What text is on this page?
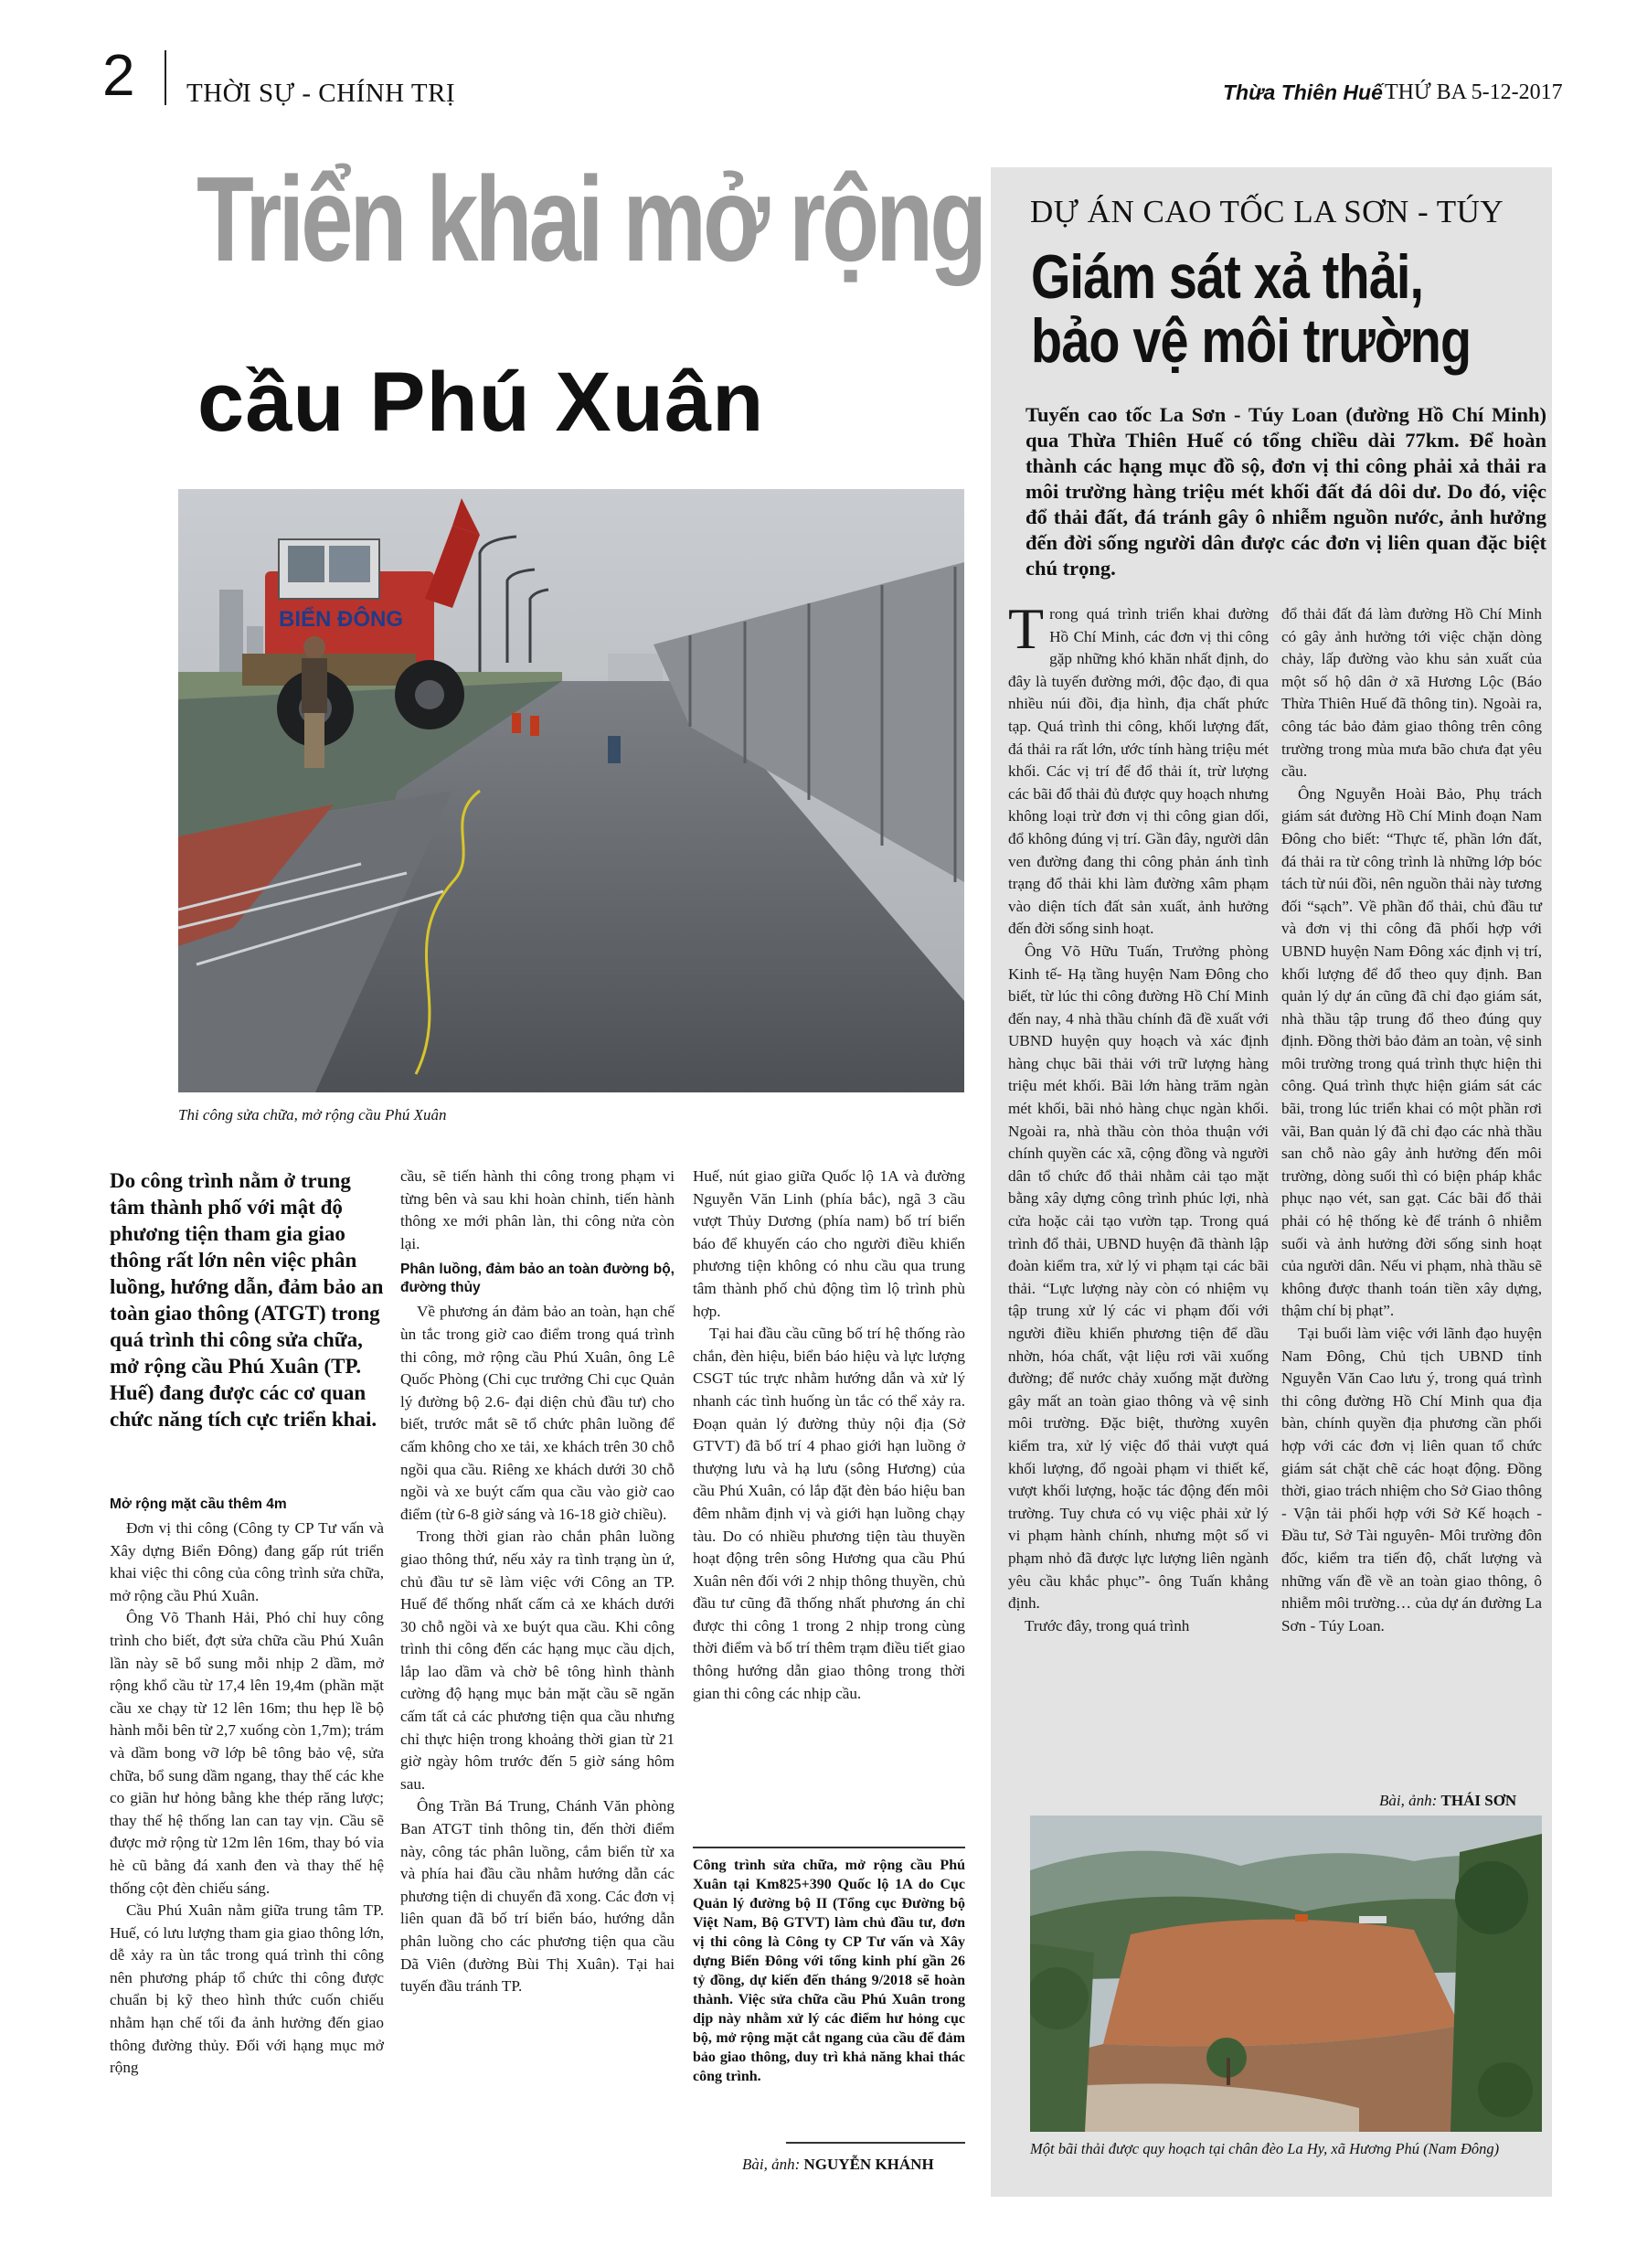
2 THỜI SỰ - CHÍNH TRỊ	Thừa Thiên Huế THỨ BA 5-12-2017
Triển khai mở rộng
cầu Phú Xuân
BIỂN ĐÔNG
Thi công sửa chữa, mở rộng cầu Phú Xuân
Do công trình nằm ở trung tâm thành phố với mật độ phương tiện tham gia giao thông rất lớn nên việc phân luồng, hướng dẫn, đảm bảo an toàn giao thông (ATGT) trong quá trình thi công sửa chữa, mở rộng cầu Phú Xuân (TP. Huế) đang được các cơ quan chức năng tích cực triển khai.
Mở rộng mặt cầu thêm 4m

Đơn vị thi công (Công ty CP Tư vấn và Xây dựng Biển Đông) đang gấp rút triển khai việc thi công của công trình sửa chữa, mở rộng cầu Phú Xuân.

Ông Võ Thanh Hải, Phó chỉ huy công trình cho biết, đợt sửa chữa cầu Phú Xuân lần này sẽ bổ sung mỗi nhịp 2 dầm, mở rộng khổ cầu từ 17,4 lên 19,4m (phần mặt cầu xe chạy từ 12 lên 16m; thu hẹp lề bộ hành mỗi bên từ 2,7 xuống còn 1,7m); trám và dầm bong vỡ lớp bê tông bảo vệ, sửa chữa, bổ sung dầm ngang, thay thế các khe co giãn hư hỏng bằng khe thép răng lược; thay thế hệ thống lan can tay vịn. Cầu sẽ được mở rộng từ 12m lên 16m, thay bó vỉa hè cũ bằng đá xanh đen và thay thế hệ thống cột đèn chiếu sáng.

Cầu Phú Xuân nằm giữa trung tâm TP. Huế, có lưu lượng tham gia giao thông lớn, dễ xảy ra ùn tắc trong quá trình thi công nên phương pháp tổ chức thi công được chuẩn bị kỹ theo hình thức cuốn chiếu nhằm hạn chế tối đa ảnh hưởng đến giao thông đường thủy. Đối với hạng mục mở rộng

cầu, sẽ tiến hành thi công trong phạm vi từng bên và sau khi hoàn chỉnh, tiến hành thông xe mới phân làn, thi công nửa còn lại.

Phân luồng, đảm bảo an toàn đường bộ, đường thủy

Về phương án đảm bảo an toàn, hạn chế ùn tắc trong giờ cao điểm trong quá trình thi công, mở rộng cầu Phú Xuân, ông Lê Quốc Phòng (Chi cục trưởng Chi cục Quản lý đường bộ 2.6- đại diện chủ đầu tư) cho biết, trước mắt sẽ tổ chức phân luồng để cấm không cho xe tải, xe khách trên 30 chỗ ngồi qua cầu. Riêng xe khách dưới 30 chỗ ngồi và xe buýt cấm qua cầu vào giờ cao điểm (từ 6-8 giờ sáng và 16-18 giờ chiều).

Trong thời gian rào chắn phân luồng giao thông thứ, nếu xảy ra tình trạng ùn ứ, chủ đầu tư sẽ làm việc với Công an TP. Huế để thống nhất cấm cả xe khách dưới 30 chỗ ngồi và xe buýt qua cầu. Khi công trình thi công đến các hạng mục cầu dịch, lắp lao dầm và chờ bê tông hình thành cường độ hạng mục bản mặt cầu sẽ ngăn cấm tất cả các phương tiện qua cầu nhưng chỉ thực hiện trong khoảng thời gian từ 21 giờ ngày hôm trước đến 5 giờ sáng hôm sau.

Ông Trần Bá Trung, Chánh Văn phòng Ban ATGT tỉnh thông tin, đến thời điểm này, công tác phân luồng, cắm biển từ xa và phía hai đầu cầu nhằm hướng dẫn các phương tiện di chuyển đã xong. Các đơn vị liên quan đã bố trí biển báo, hướng dẫn phân luồng cho các phương tiện qua cầu Dã Viên (đường Bùi Thị Xuân). Tại hai tuyến đầu tránh TP.

Huế, nút giao giữa Quốc lộ 1A và đường Nguyễn Văn Linh (phía bắc), ngã 3 cầu vượt Thủy Dương (phía nam) bố trí biển báo để khuyến cáo cho người điều khiển phương tiện không có nhu cầu qua trung tâm thành phố chủ động tìm lộ trình phù hợp.

Tại hai đầu cầu cũng bố trí hệ thống rào chắn, đèn hiệu, biển báo hiệu và lực lượng CSGT túc trực nhằm hướng dẫn và xử lý nhanh các tình huống ùn tắc có thể xảy ra. Đoạn quản lý đường thủy nội địa (Sở GTVT) đã bố trí 4 phao giới hạn luồng ở thượng lưu và hạ lưu (sông Hương) của cầu Phú Xuân, có lắp đặt đèn báo hiệu ban đêm nhằm định vị và giới hạn luồng chạy tàu. Do có nhiều phương tiện tàu thuyền hoạt động trên sông Hương qua cầu Phú Xuân nên đối với 2 nhịp thông thuyền, chủ đầu tư cũng đã thống nhất phương án chỉ được thi công 1 trong 2 nhịp trong cùng thời điểm và bố trí thêm trạm điều tiết giao thông hướng dẫn giao thông trong thời gian thi công các nhịp cầu.

Công trình sửa chữa, mở rộng cầu Phú Xuân tại Km825+390 Quốc lộ 1A do Cục Quản lý đường bộ II (Tổng cục Đường bộ Việt Nam, Bộ GTVT) làm chủ đầu tư, đơn vị thi công là Công ty CP Tư vấn và Xây dựng Biển Đông với tổng kinh phí gần 26 tỷ đồng, dự kiến đến tháng 9/2018 sẽ hoàn thành. Việc sửa chữa cầu Phú Xuân trong dịp này nhằm xử lý các điểm hư hỏng cục bộ, mở rộng mặt cắt ngang của cầu để đảm bảo giao thông, duy trì khả năng khai thác công trình.
Bài, ảnh: NGUYỄN KHÁNH
DỰ ÁN CAO TỐC LA SƠN - TÚY
Giám sát xả thải,
bảo vệ môi trường
Tuyến cao tốc La Sơn - Túy Loan (đường Hồ Chí Minh) qua Thừa Thiên Huế có tổng chiều dài 77km. Để hoàn thành các hạng mục đồ sộ, đơn vị thi công phải xả thải ra môi trường hàng triệu mét khối đất đá dôi dư. Do đó, việc đổ thải đất, đá tránh gây ô nhiễm nguồn nước, ảnh hưởng đến đời sống người dân được các đơn vị liên quan đặc biệt chú trọng.

Trong quá trình triển khai đường Hồ Chí Minh, các đơn vị thi công gặp những khó khăn nhất định, do đây là tuyến đường mới, độc đạo, đi qua nhiều núi đồi, địa hình, địa chất phức tạp. Quá trình thi công, khối lượng đất, đá thải ra rất lớn, ước tính hàng triệu mét khối. Các vị trí để đổ thải ít, trừ lượng các bãi đổ thải đủ được quy hoạch nhưng không loại trừ đơn vị thi công gian dối, đổ không đúng vị trí. Gần đây, người dân ven đường đang thi công phản ánh tình trạng đổ thải khi làm đường xâm phạm vào diện tích đất sản xuất, ảnh hưởng đến đời sống sinh hoạt.

Ông Võ Hữu Tuấn, Trưởng phòng Kinh tế- Hạ tầng huyện Nam Đông cho biết, từ lúc thi công đường Hồ Chí Minh đến nay, 4 nhà thầu chính đã đề xuất với UBND huyện quy hoạch và xác định hàng chục bãi thải với trữ lượng hàng triệu mét khối. Bãi lớn hàng trăm ngàn mét khối, bãi nhỏ hàng chục ngàn khối. Ngoài ra, nhà thầu còn thỏa thuận với chính quyền các xã, cộng đồng và người dân tổ chức đổ thải nhằm cải tạo mặt bằng xây dựng công trình phúc lợi, nhà cửa hoặc cải tạo vườn tạp. Trong quá trình đổ thải, UBND huyện đã thành lập đoàn kiểm tra, xử lý vi phạm tại các bãi thải. “Lực lượng này còn có nhiệm vụ tập trung xử lý các vi phạm đối với người điều khiển phương tiện để dầu nhờn, hóa chất, vật liệu rơi vãi xuống đường; để nước chảy xuống mặt đường gây mất an toàn giao thông và vệ sinh môi trường. Đặc biệt, thường xuyên kiểm tra, xử lý việc đổ thải vượt quá khối lượng, đổ ngoài phạm vi thiết kế, vượt khối lượng, hoặc tác động đến môi trường. Tuy chưa có vụ việc phải xử lý vi phạm hành chính, nhưng một số vi phạm nhỏ đã được lực lượng liên ngành yêu cầu khắc phục”- ông Tuấn khẳng định.

Trước đây, trong quá trình

đổ thải đất đá làm đường Hồ Chí Minh có gây ảnh hưởng tới việc chặn dòng chảy, lấp đường vào khu sản xuất của một số hộ dân ở xã Hương Lộc (Báo Thừa Thiên Huế đã thông tin). Ngoài ra, công tác bảo đảm giao thông trên công trường trong mùa mưa bão chưa đạt yêu cầu.

Ông Nguyễn Hoài Bảo, Phụ trách giám sát đường Hồ Chí Minh đoạn Nam Đông cho biết: “Thực tế, phần lớn đất, đá thải ra từ công trình là những lớp bóc tách từ núi đồi, nên nguồn thải này tương đối “sạch”. Về phần đổ thải, chủ đầu tư và đơn vị thi công đã phối hợp với UBND huyện Nam Đông xác định vị trí, khối lượng để đổ theo quy định. Ban quản lý dự án cũng đã chỉ đạo giám sát, nhà thầu tập trung đổ theo đúng quy định. Đồng thời bảo đảm an toàn, vệ sinh môi trường trong quá trình thực hiện thi công. Quá trình thực hiện giám sát các bãi, trong lúc triển khai có một phần rơi vãi, Ban quản lý đã chỉ đạo các nhà thầu san chỗ nào gây ảnh hưởng đến môi trường, dòng suối thì có biện pháp khắc phục nạo vét, san gạt. Các bãi đổ thải phải có hệ thống kè để tránh ô nhiễm suối và ảnh hưởng đời sống sinh hoạt của người dân. Nếu vi phạm, nhà thầu sẽ không được thanh toán tiền xây dựng, thậm chí bị phạt”.

Tại buổi làm việc với lãnh đạo huyện Nam Đông, Chủ tịch UBND tỉnh Nguyễn Văn Cao lưu ý, trong quá trình thi công đường Hồ Chí Minh qua địa bàn, chính quyền địa phương cần phối hợp với các đơn vị liên quan tổ chức giám sát chặt chẽ các hoạt động. Đồng thời, giao trách nhiệm cho Sở Giao thông - Vận tải phối hợp với Sở Kế hoạch - Đầu tư, Sở Tài nguyên- Môi trường đôn đốc, kiểm tra tiến độ, chất lượng và những vấn đề về an toàn giao thông, ô nhiễm môi trường… của dự án đường La Sơn - Túy Loan.

Bài, ảnh: THÁI SƠN
Một bãi thải được quy hoạch tại chân đèo La Hy, xã Hương Phú (Nam Đông)
